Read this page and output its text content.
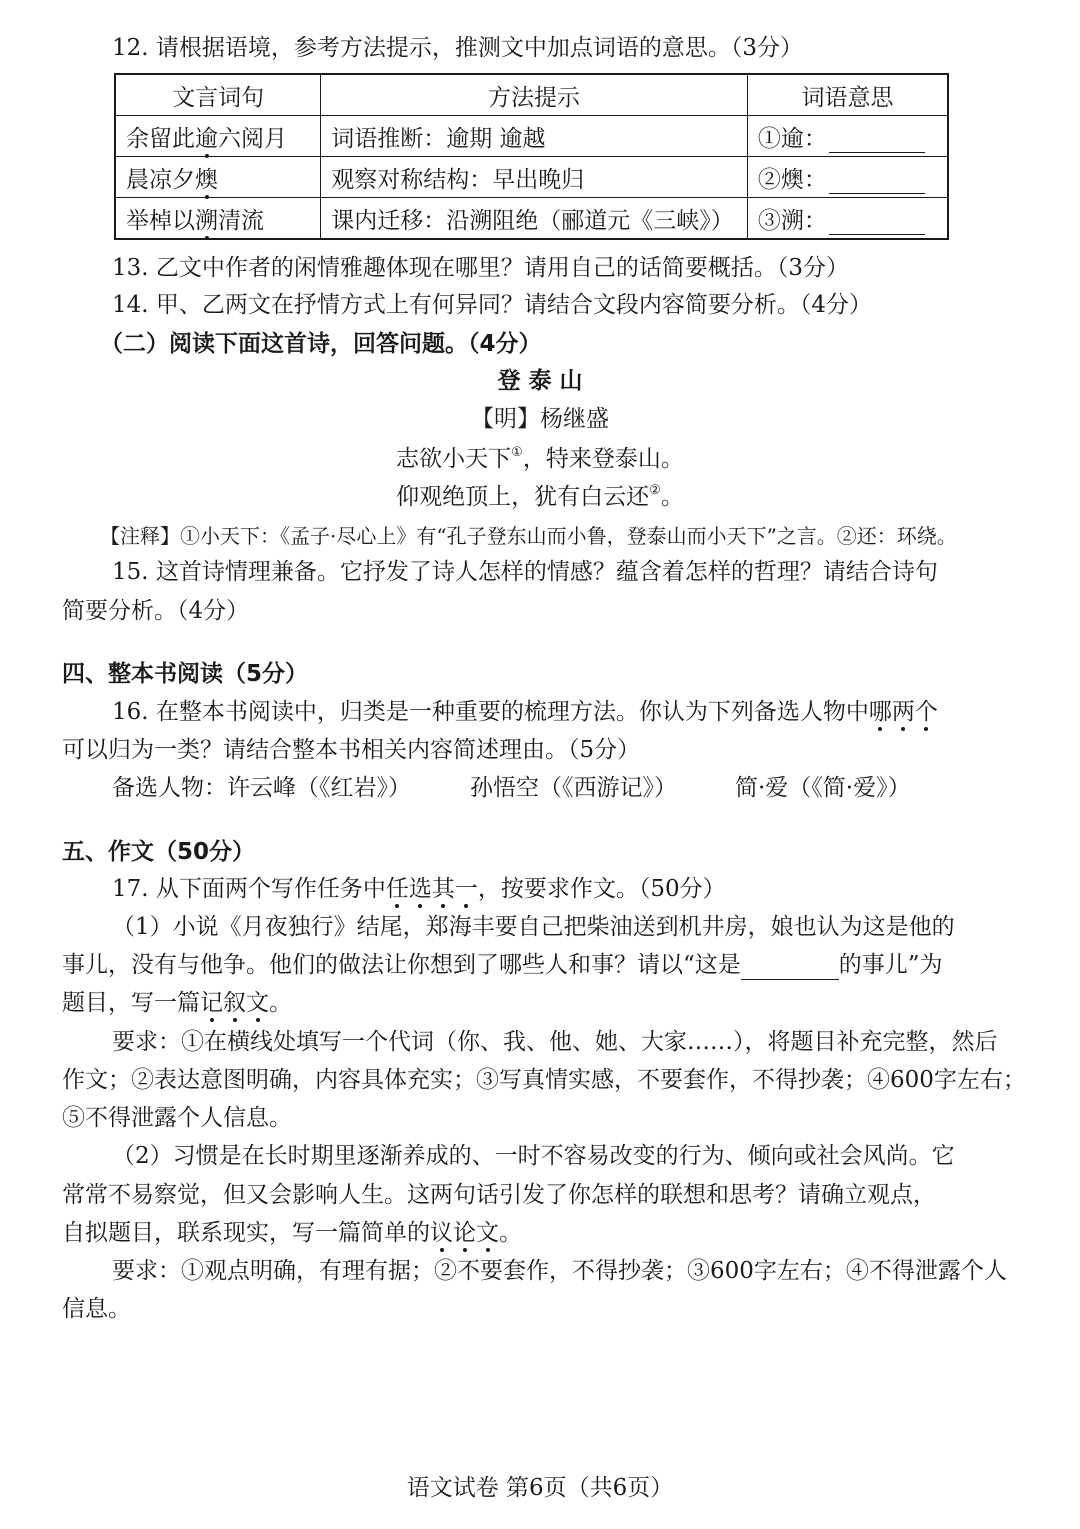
12. 请根据语境，参考方法提示，推测文中加点词语的意思。（3分）
文言词句	方法提示	词语意思
余留此逾六阅月	词语推断：逾期 逾越	①逾：
晨凉夕燠	观察对称结构：早出晚归	②燠：
举棹以溯清流	课内迁移：沿溯阻绝（郦道元《三峡》）	③溯：
13. 乙文中作者的闲情雅趣体现在哪里？请用自己的话简要概括。（3分）
14. 甲、乙两文在抒情方式上有何异同？请结合文段内容简要分析。（4分）
（二）阅读下面这首诗，回答问题。（4分）
登 泰 山
【明】杨继盛
志欲小天下①，特来登泰山。
仰观绝顶上，犹有白云还②。
【注释】①小天下：《孟子·尽心上》有“孔子登东山而小鲁，登泰山而小天下”之言。②还：环绕。
15. 这首诗情理兼备。它抒发了诗人怎样的情感？蕴含着怎样的哲理？请结合诗句
简要分析。（4分）
四、整本书阅读（5分）
16. 在整本书阅读中，归类是一种重要的梳理方法。你认为下列备选人物中哪两个
可以归为一类？请结合整本书相关内容简述理由。（5分）
备选人物：许云峰（《红岩》）	孙悟空（《西游记》）	简·爱（《简·爱》）
五、作文（50分）
17. 从下面两个写作任务中任选其一，按要求作文。（50分）
（1）小说《月夜独行》结尾，郑海丰要自己把柴油送到机井房，娘也认为这是他的
事儿，没有与他争。他们的做法让你想到了哪些人和事？请以“这是	的事儿”为
题目，写一篇记叙文。
要求：①在横线处填写一个代词（你、我、他、她、大家……），将题目补充完整，然后
作文；②表达意图明确，内容具体充实；③写真情实感，不要套作，不得抄袭；④600字左右；
⑤不得泄露个人信息。
（2）习惯是在长时期里逐渐养成的、一时不容易改变的行为、倾向或社会风尚。它
常常不易察觉，但又会影响人生。这两句话引发了你怎样的联想和思考？请确立观点，
自拟题目，联系现实，写一篇简单的议论文。
要求：①观点明确，有理有据；②不要套作，不得抄袭；③600字左右；④不得泄露个人
信息。
语文试卷 第6页（共6页）
